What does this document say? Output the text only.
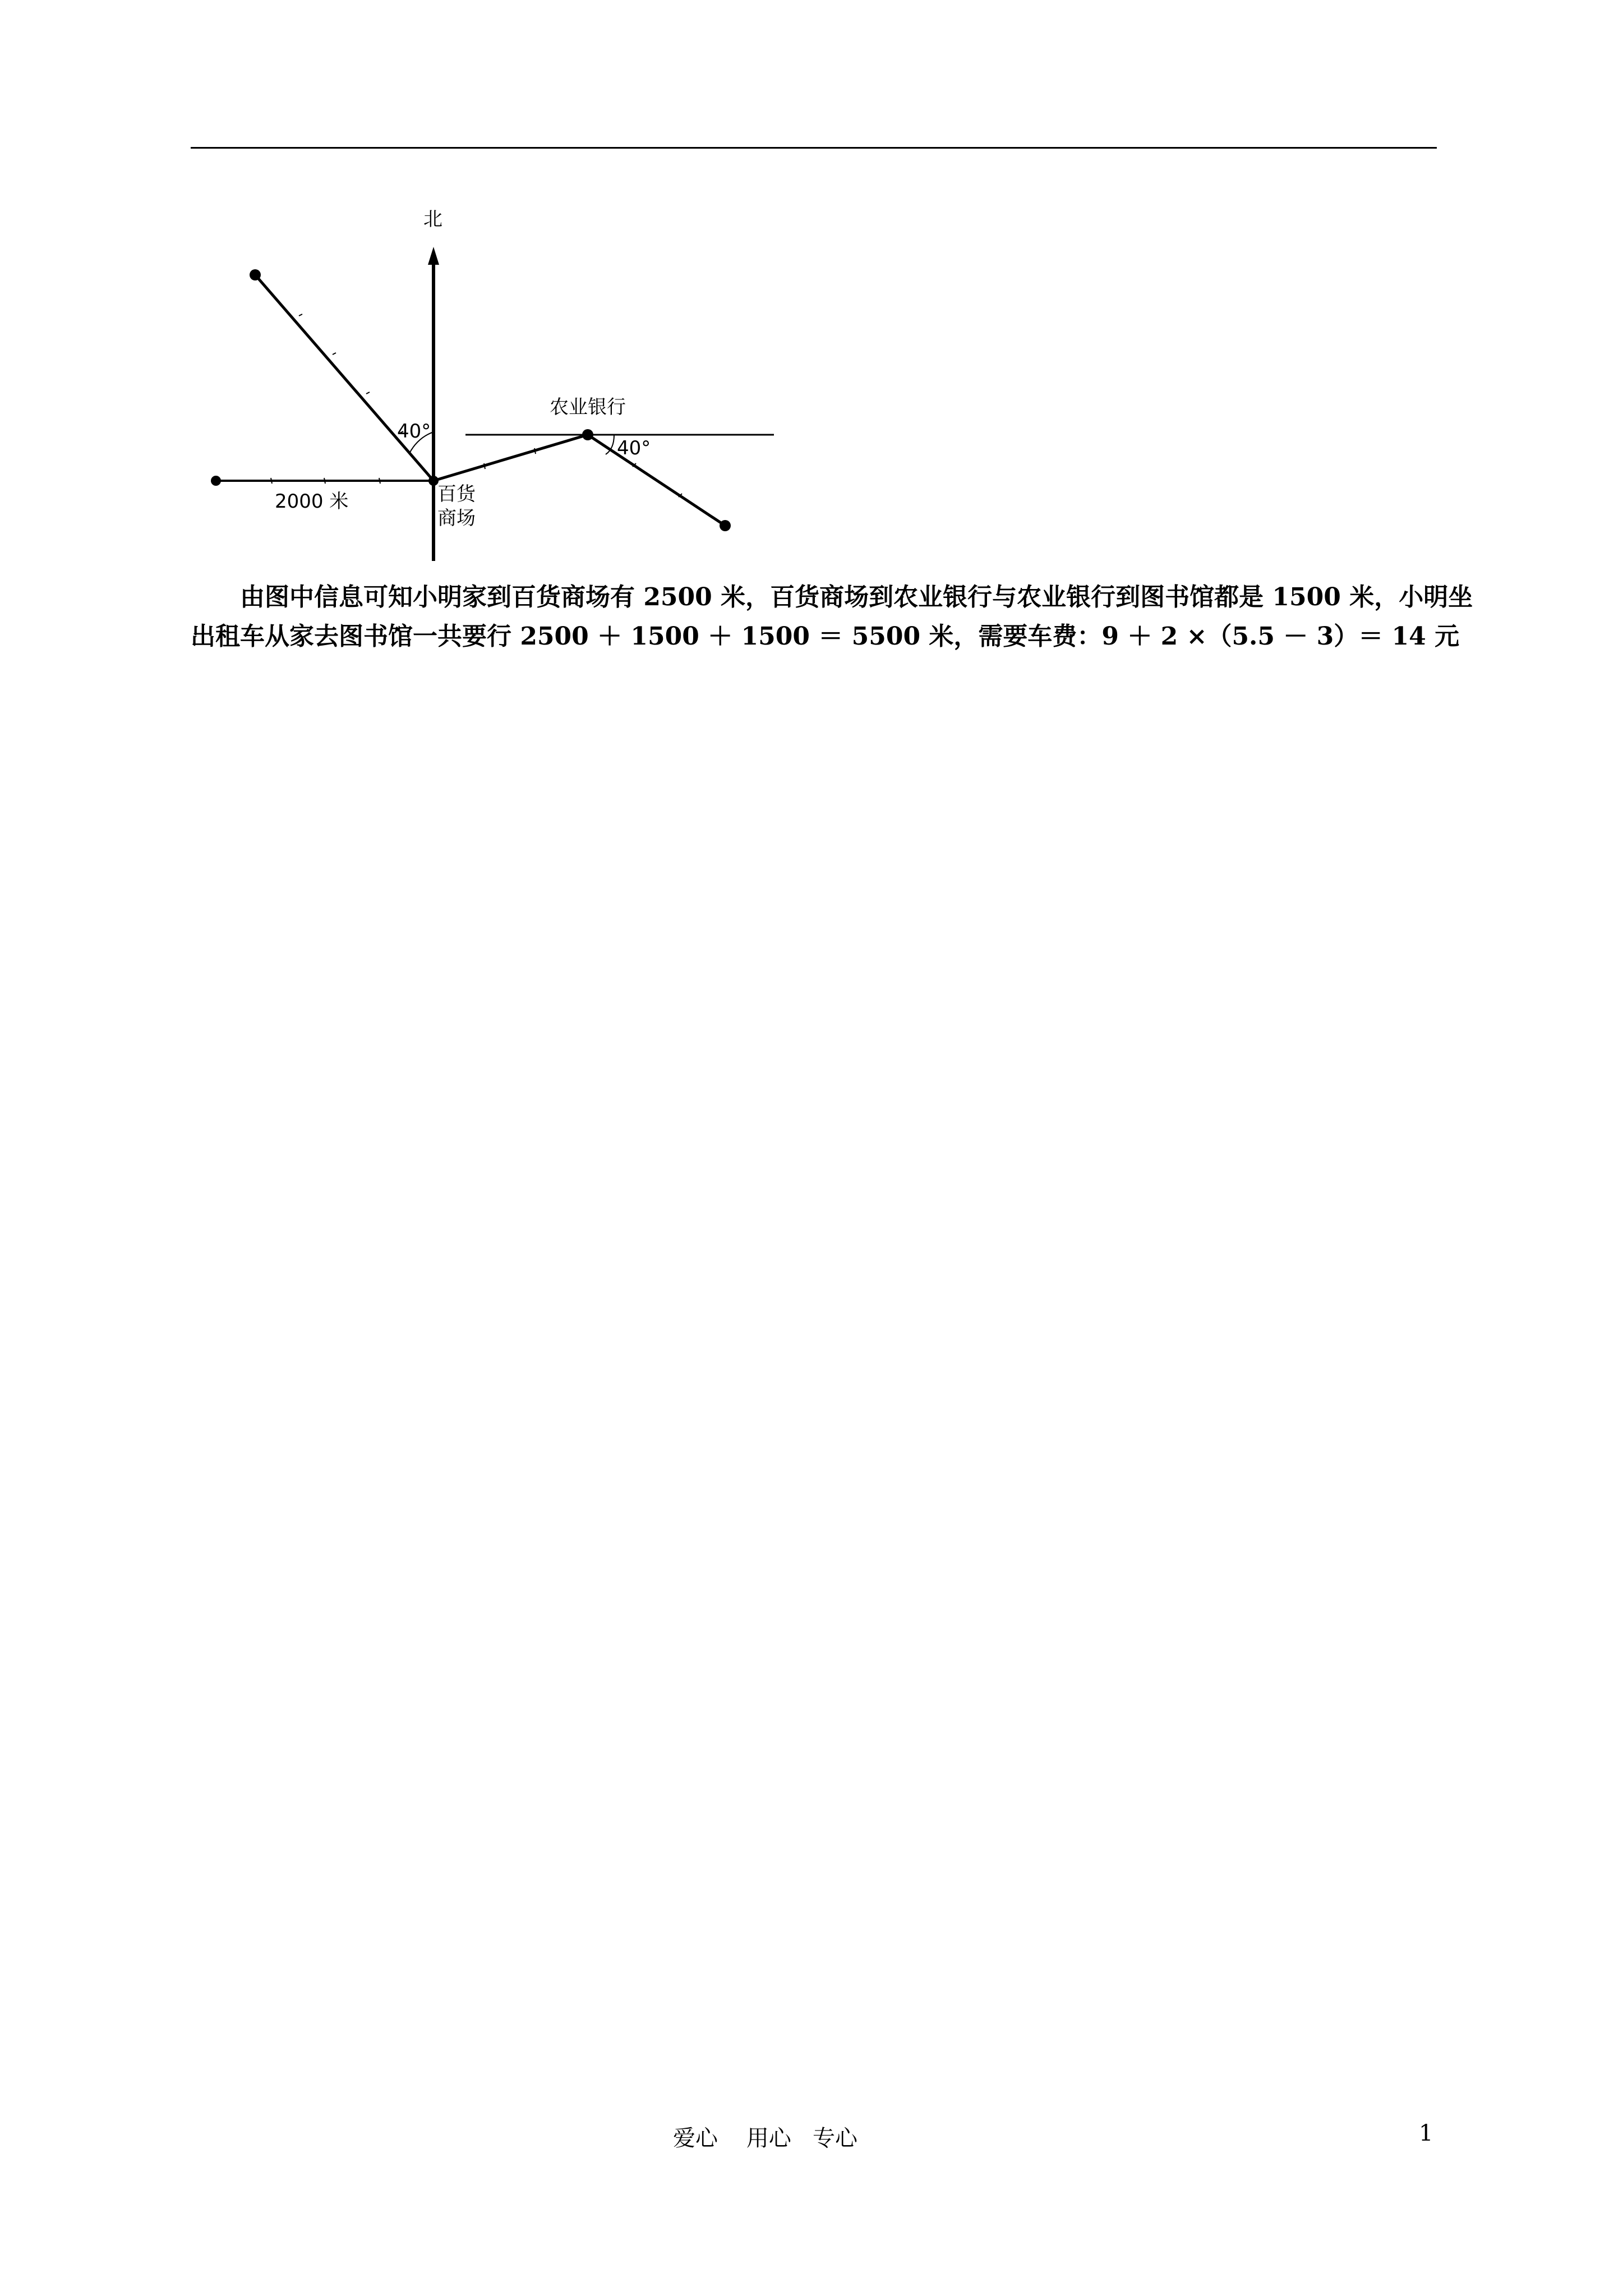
北
2000 米
40°
百货
商场
农业银行
40°

由图中信息可知小明家到百货商场有 2500 米，百货商场到农业银行与农业银行到图书馆都是 1500 米，小明坐出租车从家去图书馆一共要行 2500 ＋ 1500 ＋ 1500 ＝ 5500 米，需要车费：9 ＋ 2 ×（5.5 － 3）＝ 14 元

爱心    用心   专心	1
